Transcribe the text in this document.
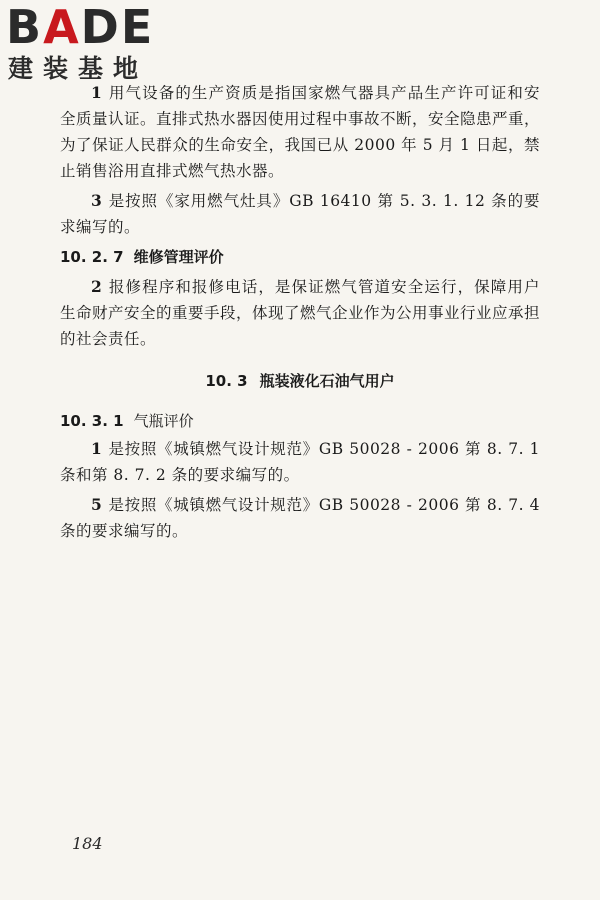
BADE
建装基地

1 用气设备的生产资质是指国家燃气器具产品生产许可证和安全质量认证。直排式热水器因使用过程中事故不断，安全隐患严重，为了保证人民群众的生命安全，我国已从 2000 年 5 月 1 日起，禁止销售浴用直排式燃气热水器。

3 是按照《家用燃气灶具》GB 16410 第 5. 3. 1. 12 条的要求编写的。

10. 2. 7 维修管理评价

2 报修程序和报修电话，是保证燃气管道安全运行，保障用户生命财产安全的重要手段，体现了燃气企业作为公用事业行业应承担的社会责任。

10. 3 瓶装液化石油气用户
10. 3. 1 气瓶评价

1 是按照《城镇燃气设计规范》GB 50028 - 2006 第 8. 7. 1 条和第 8. 7. 2 条的要求编写的。

5 是按照《城镇燃气设计规范》GB 50028 - 2006 第 8. 7. 4 条的要求编写的。

184
